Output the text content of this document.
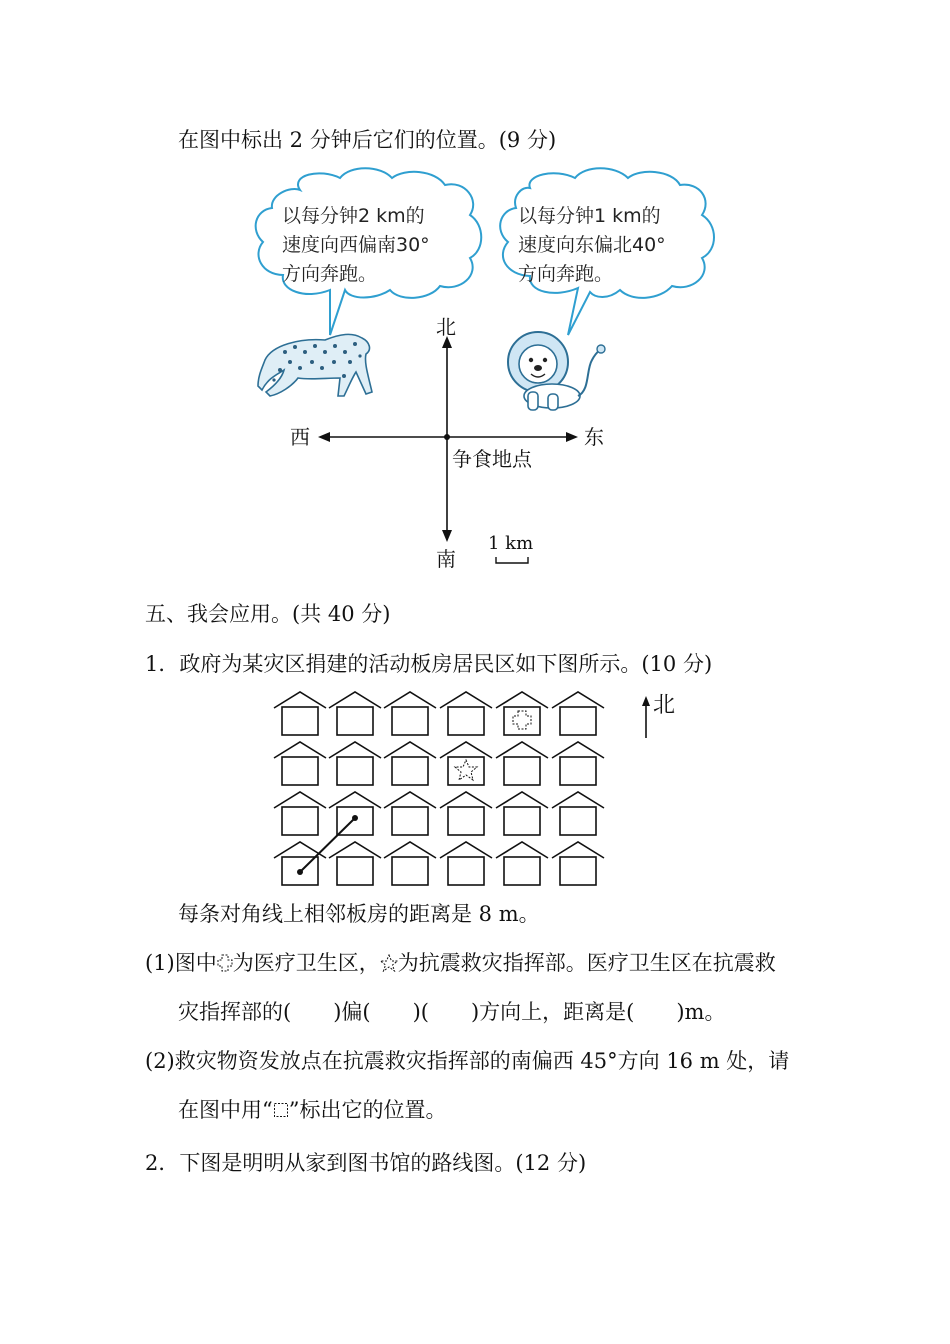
在图中标出 2 分钟后它们的位置。(9 分)
以每分钟2 km的
速度向西偏南30°
方向奔跑。
以每分钟1 km的
速度向东偏北40°
方向奔跑。
北
南
西	东
争食地点
1 km
五、我会应用。(共 40 分)
1．政府为某灾区捐建的活动板房居民区如下图所示。(10 分)
北
每条对角线上相邻板房的距离是 8 m。
(1)图中 为医疗卫生区， 为抗震救灾指挥部。医疗卫生区在抗震救
灾指挥部的(　　)偏(　　)(　　)方向上，距离是(　　)m。
(2)救灾物资发放点在抗震救灾指挥部的南偏西 45°方向 16 m 处，请
在图中用“ ”标出它的位置。
2．下图是明明从家到图书馆的路线图。(12 分)
